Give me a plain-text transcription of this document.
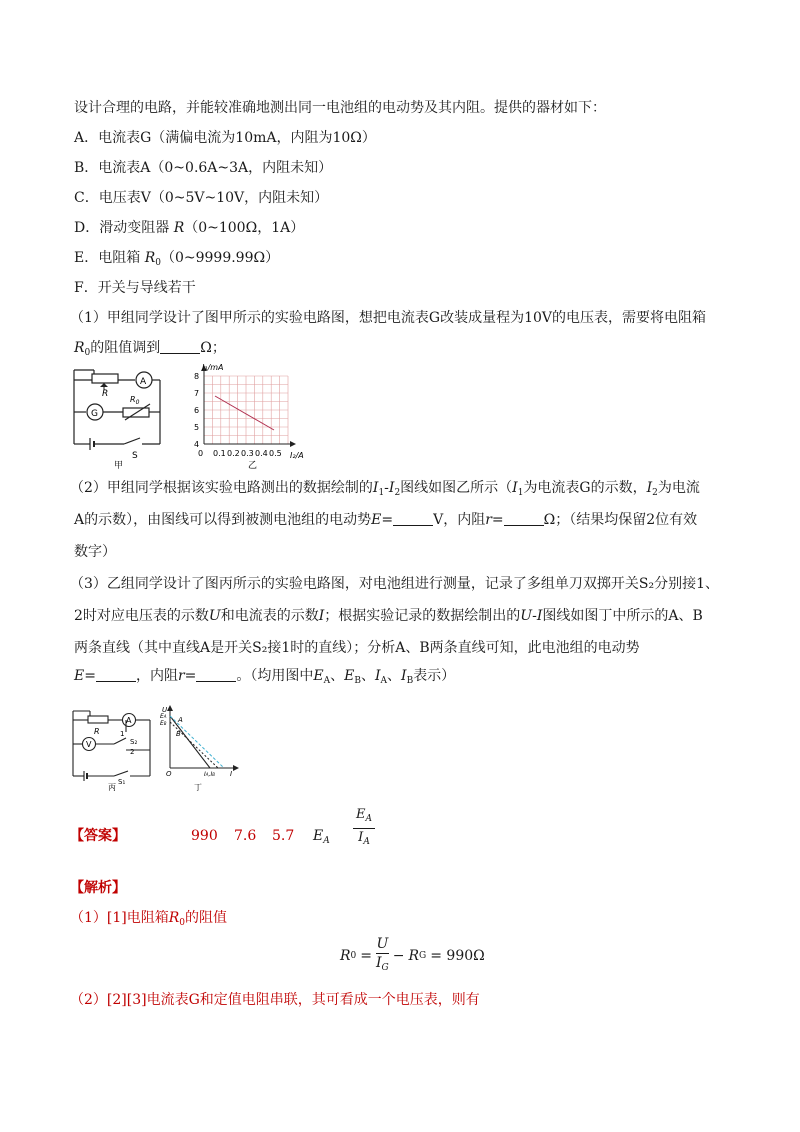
设计合理的电路，并能较准确地测出同一电池组的电动势及其内阻。提供的器材如下：
A．电流表G（满偏电流为10mA，内阻为10Ω）
B．电流表A（0~0.6A~3A，内阻未知）
C．电压表V（0~5V~10V，内阻未知）
D．滑动变阻器 R（0~100Ω，1A）
E．电阻箱 $R_0(0\sim 9999.99\Omega)$
F．开关与导线若干
（1）甲组同学设计了图甲所示的实验电路图，想把电流表G改装成量程为10V的电压表，需要将电阻箱
$R_0$的阻值调到	Ω；
R
A
G
$R_0$
S
甲
I₁/mA
I₂/A
8
7
6
5
4
0 0.1 0.2 0.3 0.4 0.5
乙
（2）甲组同学根据该实验电路测出的数据绘制的$I_1-I_2$图线如图乙所示（$I_1$为电流表G的示数，$I_2$为电流
A的示数），由图线可以得到被测电池组的电动势E=	V，内阻r=	Ω；（结果均保留2位有效
数字）
（3）乙组同学设计了图丙所示的实验电路图，对电池组进行测量，记录了多组单刀双掷开关S₂分别接1、
2时对应电压表的示数U和电流表的示数I；根据实验记录的数据绘制出的U-I图线如图丁中所示的A、B
两条直线（其中直线A是开关S₂接1时的直线）；分析A、B两条直线可知，此电池组的电动势
E=	，内阻r=	。（均用图中$E_A$、$E_B$、$I_A$、$I_B$表示）
R
A
V
1
S₂
2
S₁
丙
U
EA
EB A
B
O	IA,IB I
丁
【答案】	990 7.6 5.7 $E_A$
$E_A$
$I_A$
【解析】
（1）[1]电阻箱$R_0$的阻值
R 0 =
U
$I_G$
− R G = 990Ω
（2）[2][3]电流表G和定值电阻串联，其可看成一个电压表，则有
